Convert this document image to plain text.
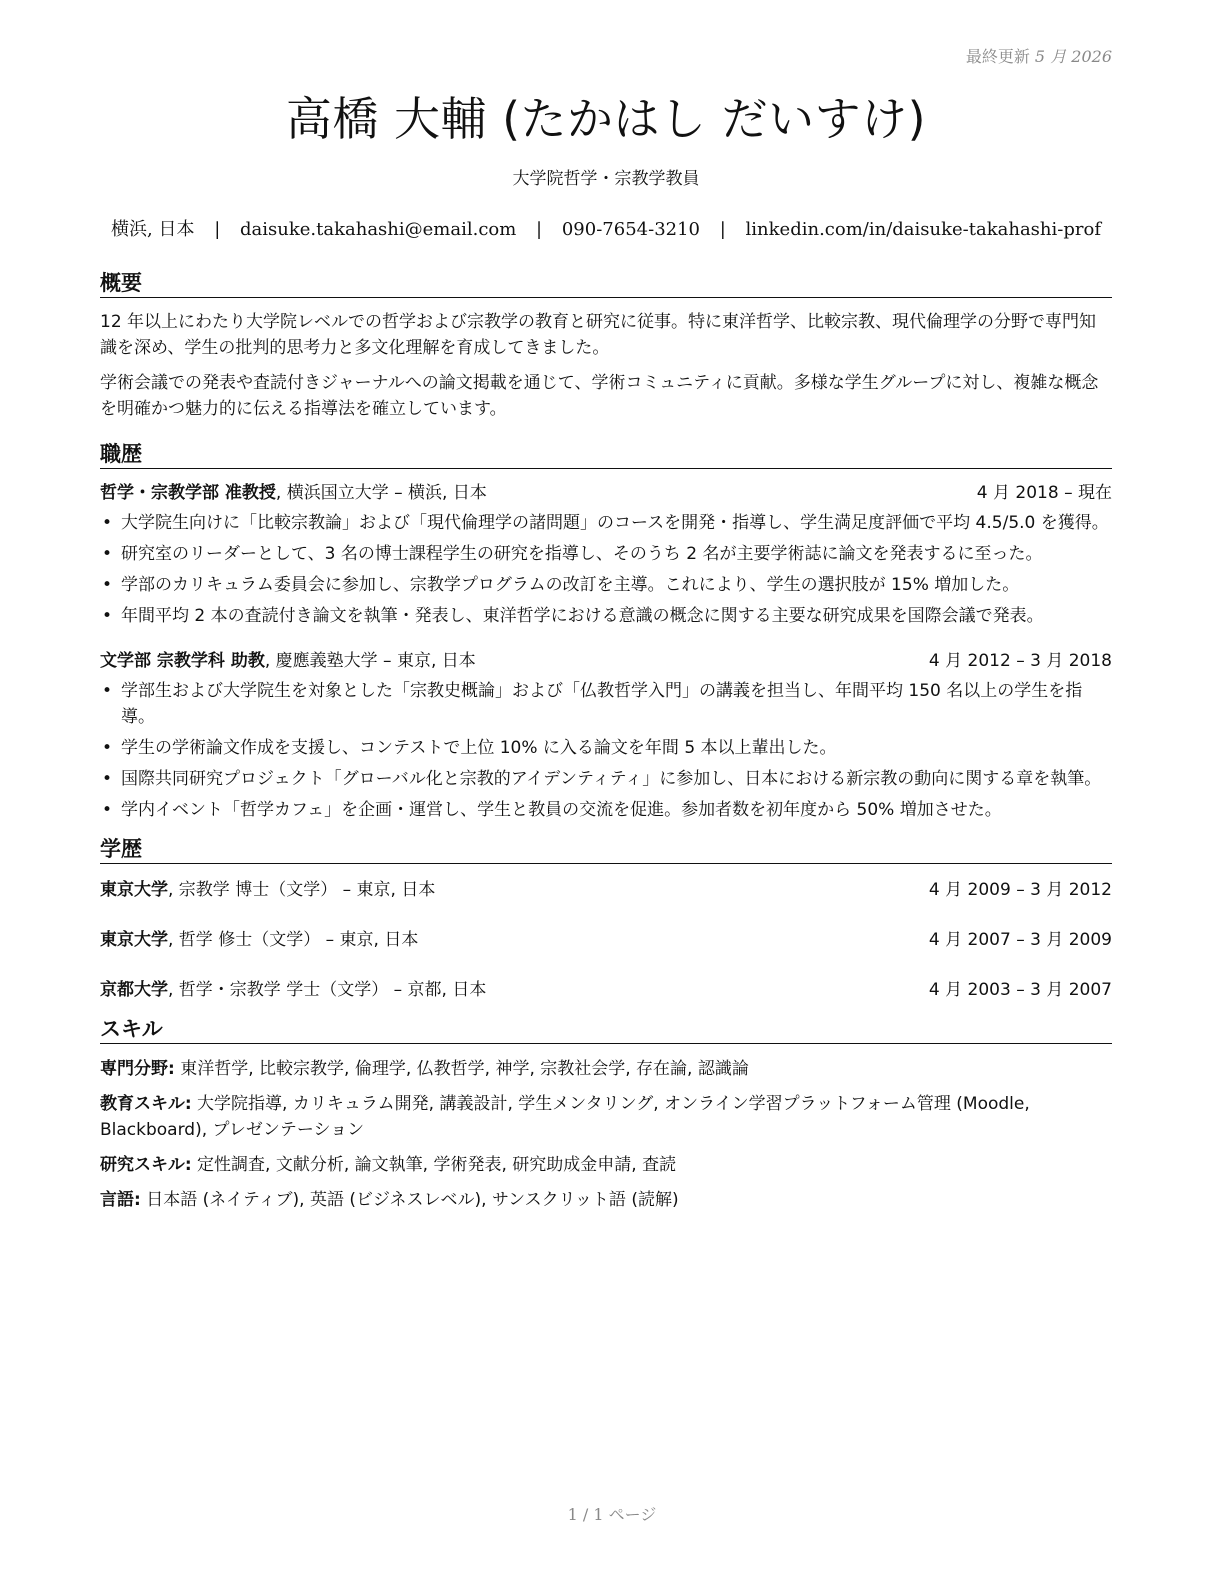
最終更新 5 月 2026
高橋 大輔 (たかはし だいすけ)
大学院哲学・宗教学教員
横浜, 日本 | daisuke.takahashi@email.com | 090-7654-3210 | linkedin.com/in/daisuke-takahashi-prof
概要

12 年以上にわたり大学院レベルでの哲学および宗教学の教育と研究に従事。特に東洋哲学、比較宗教、現代倫理学の分野で専門知識を深め、学生の批判的思考力と多文化理解を育成してきました。

学術会議での発表や査読付きジャーナルへの論文掲載を通じて、学術コミュニティに貢献。多様な学生グループに対し、複雑な概念を明確かつ魅力的に伝える指導法を確立しています。

職歴
哲学・宗教学部 准教授, 横浜国立大学 – 横浜, 日本	4 月 2018 – 現在
• 大学院生向けに「比較宗教論」および「現代倫理学の諸問題」のコースを開発・指導し、学生満足度評価で平均 4.5/5.0 を獲得。
• 研究室のリーダーとして、3 名の博士課程学生の研究を指導し、そのうち 2 名が主要学術誌に論文を発表するに至った。
• 学部のカリキュラム委員会に参加し、宗教学プログラムの改訂を主導。これにより、学生の選択肢が 15% 増加した。
• 年間平均 2 本の査読付き論文を執筆・発表し、東洋哲学における意識の概念に関する主要な研究成果を国際会議で発表。
文学部 宗教学科 助教, 慶應義塾大学 – 東京, 日本	4 月 2012 – 3 月 2018
• 学部生および大学院生を対象とした「宗教史概論」および「仏教哲学入門」の講義を担当し、年間平均 150 名以上の学生を指導。
• 学生の学術論文作成を支援し、コンテストで上位 10% に入る論文を年間 5 本以上輩出した。
• 国際共同研究プロジェクト「グローバル化と宗教的アイデンティティ」に参加し、日本における新宗教の動向に関する章を執筆。
• 学内イベント「哲学カフェ」を企画・運営し、学生と教員の交流を促進。参加者数を初年度から 50% 増加させた。
学歴
東京大学, 宗教学 博士（文学） – 東京, 日本	4 月 2009 – 3 月 2012
東京大学, 哲学 修士（文学） – 東京, 日本	4 月 2007 – 3 月 2009
京都大学, 哲学・宗教学 学士（文学） – 京都, 日本	4 月 2003 – 3 月 2007
スキル

専門分野: 東洋哲学, 比較宗教学, 倫理学, 仏教哲学, 神学, 宗教社会学, 存在論, 認識論

教育スキル: 大学院指導, カリキュラム開発, 講義設計, 学生メンタリング, オンライン学習プラットフォーム管理 (Moodle, Blackboard), プレゼンテーション

研究スキル: 定性調査, 文献分析, 論文執筆, 学術発表, 研究助成金申請, 査読

言語: 日本語 (ネイティブ), 英語 (ビジネスレベル), サンスクリット語 (読解)

1 / 1 ページ
